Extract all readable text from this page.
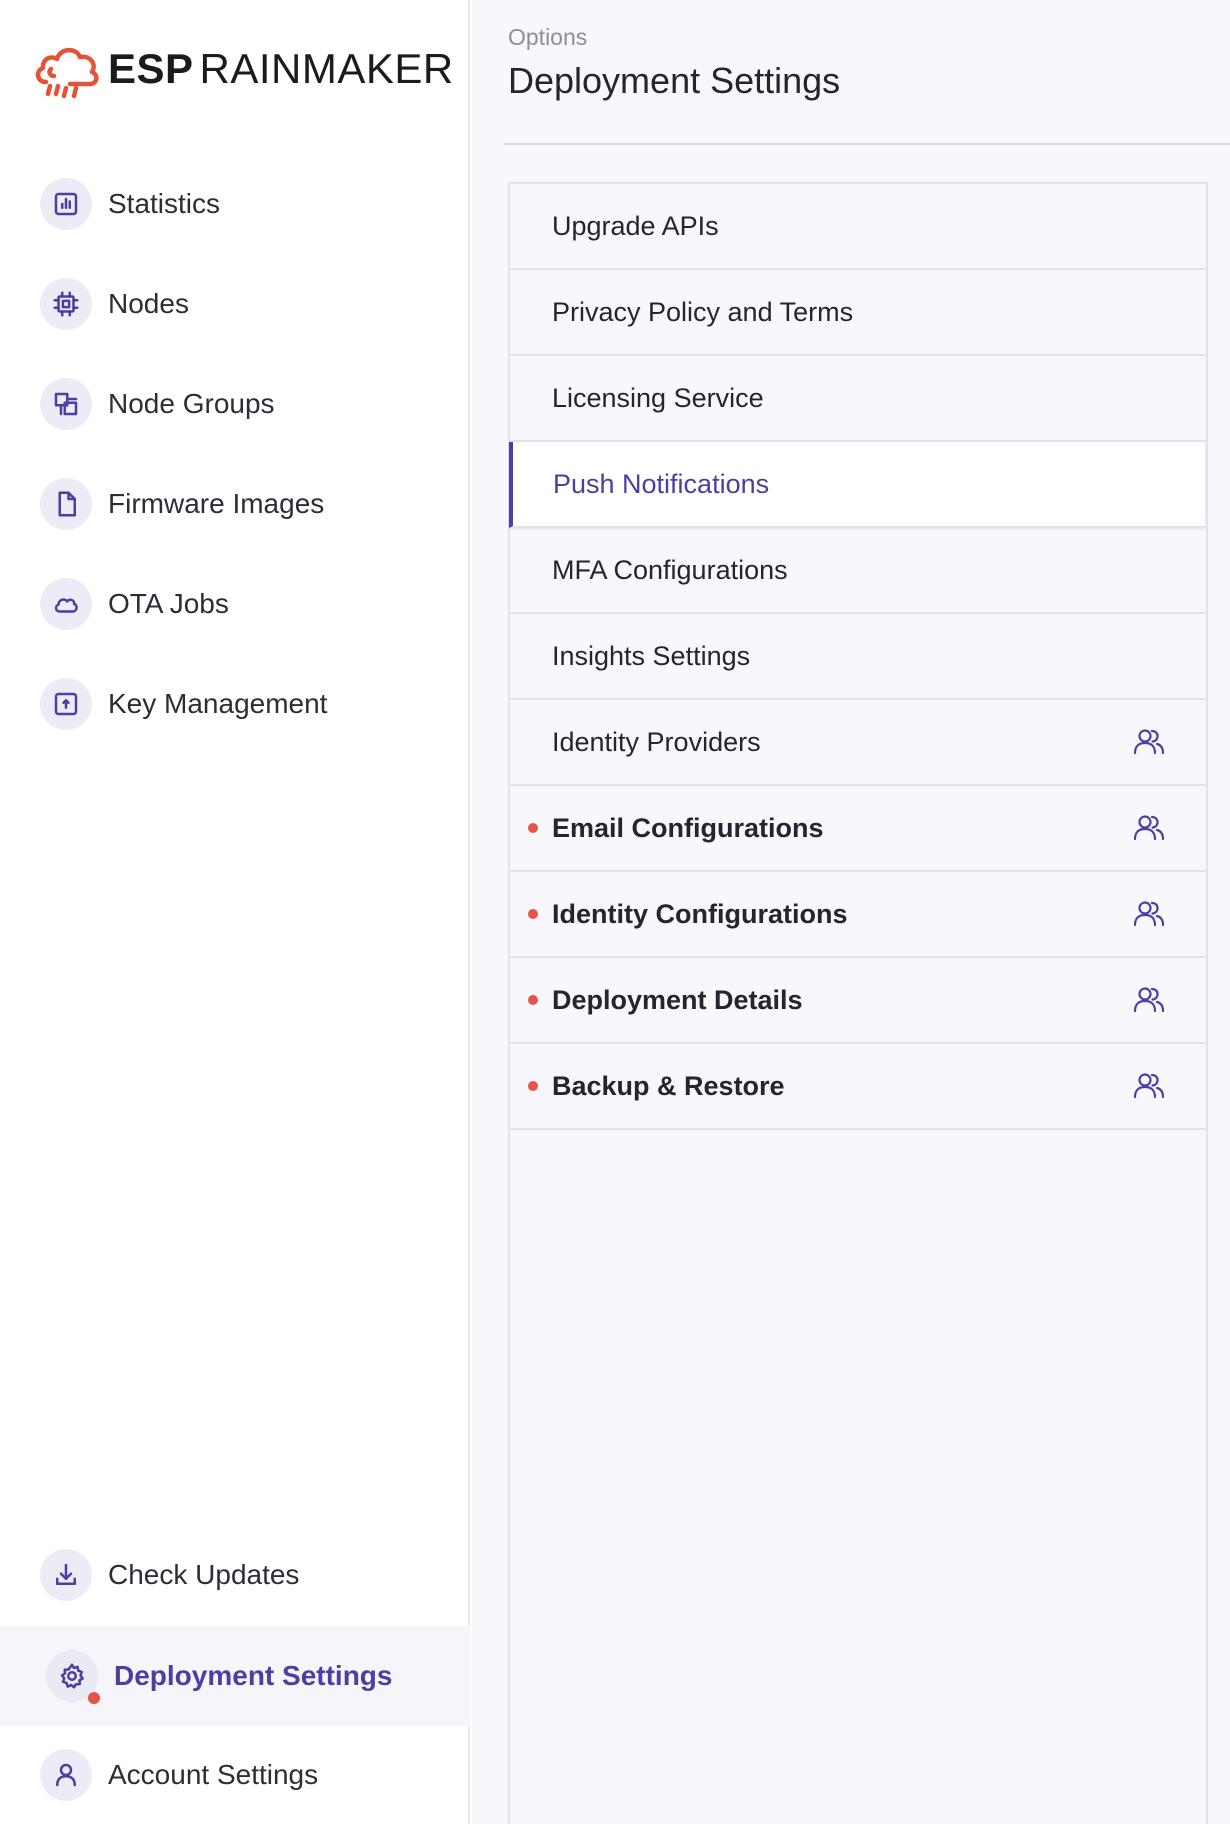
ESP RAINMAKER
Statistics
Nodes
Node Groups
Firmware Images
OTA Jobs
Key Management
Check Updates
Deployment Settings
Account Settings
Options
Deployment Settings
Upgrade APIs
Privacy Policy and Terms
Licensing Service
Push Notifications
MFA Configurations
Insights Settings
Identity Providers
Email Configurations
Identity Configurations
Deployment Details
Backup & Restore
